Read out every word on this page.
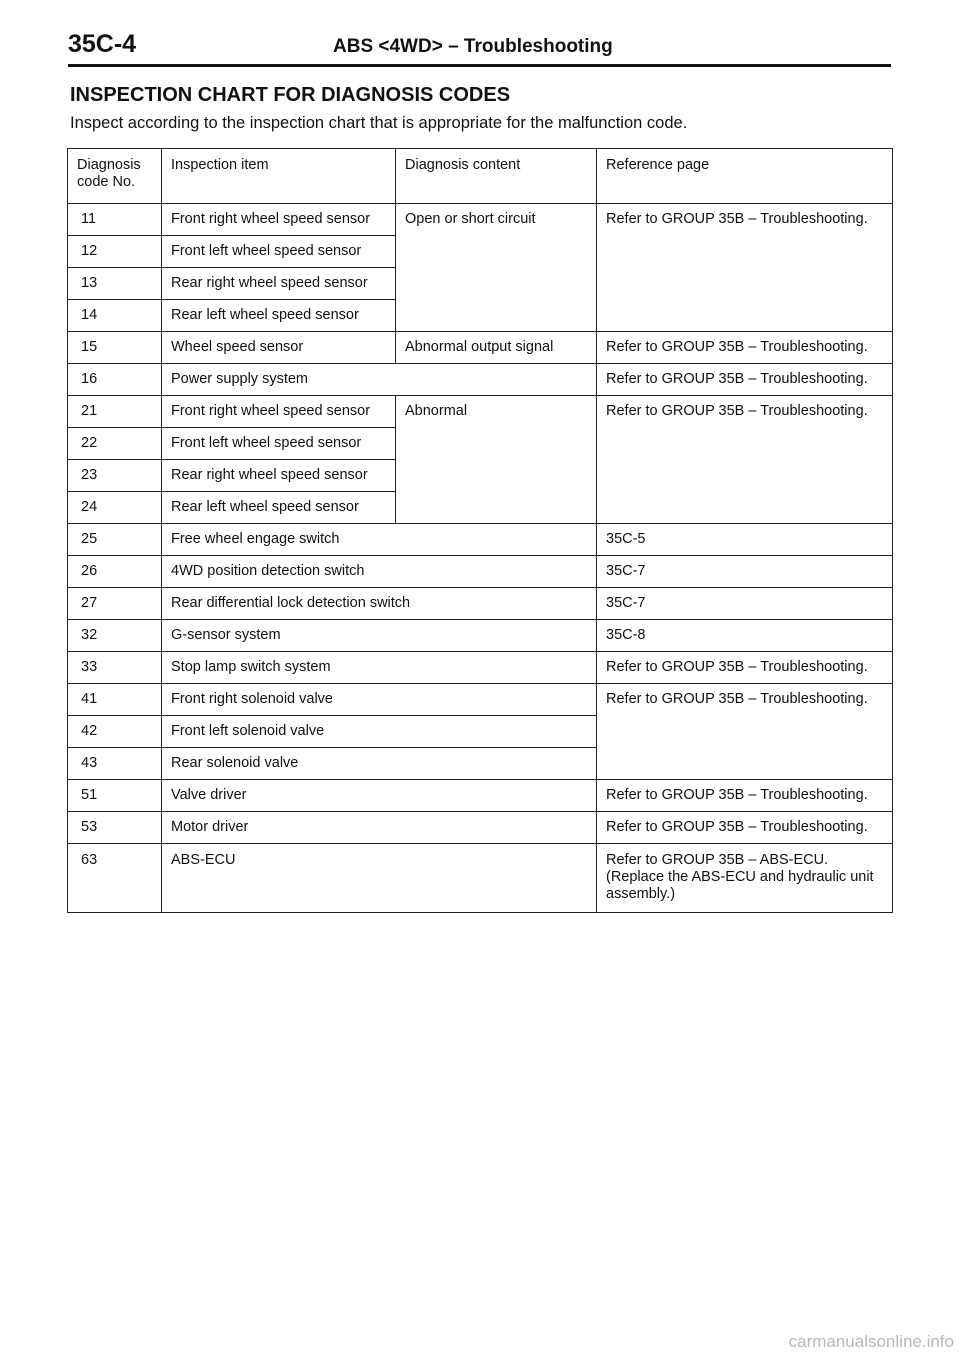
35C-4	ABS <4WD> – Troubleshooting
INSPECTION CHART FOR DIAGNOSIS CODES
Inspect according to the inspection chart that is appropriate for the malfunction code.
Diagnosis code No.	Inspection item	Diagnosis content	Reference page
11	Front right wheel speed sensor	Open or short circuit	Refer to GROUP 35B – Troubleshooting.
12	Front left wheel speed sensor		
13	Rear right wheel speed sensor		
14	Rear left wheel speed sensor		
15	Wheel speed sensor	Abnormal output signal	Refer to GROUP 35B – Troubleshooting.
16	Power supply system		Refer to GROUP 35B – Troubleshooting.
21	Front right wheel speed sensor	Abnormal	Refer to GROUP 35B – Troubleshooting.
22	Front left wheel speed sensor		
23	Rear right wheel speed sensor		
24	Rear left wheel speed sensor		
25	Free wheel engage switch		35C-5
26	4WD position detection switch		35C-7
27	Rear differential lock detection switch		35C-7
32	G-sensor system		35C-8
33	Stop lamp switch system		Refer to GROUP 35B – Troubleshooting.
41	Front right solenoid valve		Refer to GROUP 35B – Troubleshooting.
42	Front left solenoid valve		
43	Rear solenoid valve		
51	Valve driver		Refer to GROUP 35B – Troubleshooting.
53	Motor driver		Refer to GROUP 35B – Troubleshooting.
63	ABS-ECU		Refer to GROUP 35B – ABS-ECU. (Replace the ABS-ECU and hydraulic unit assembly.)
carmanualsonline.info
